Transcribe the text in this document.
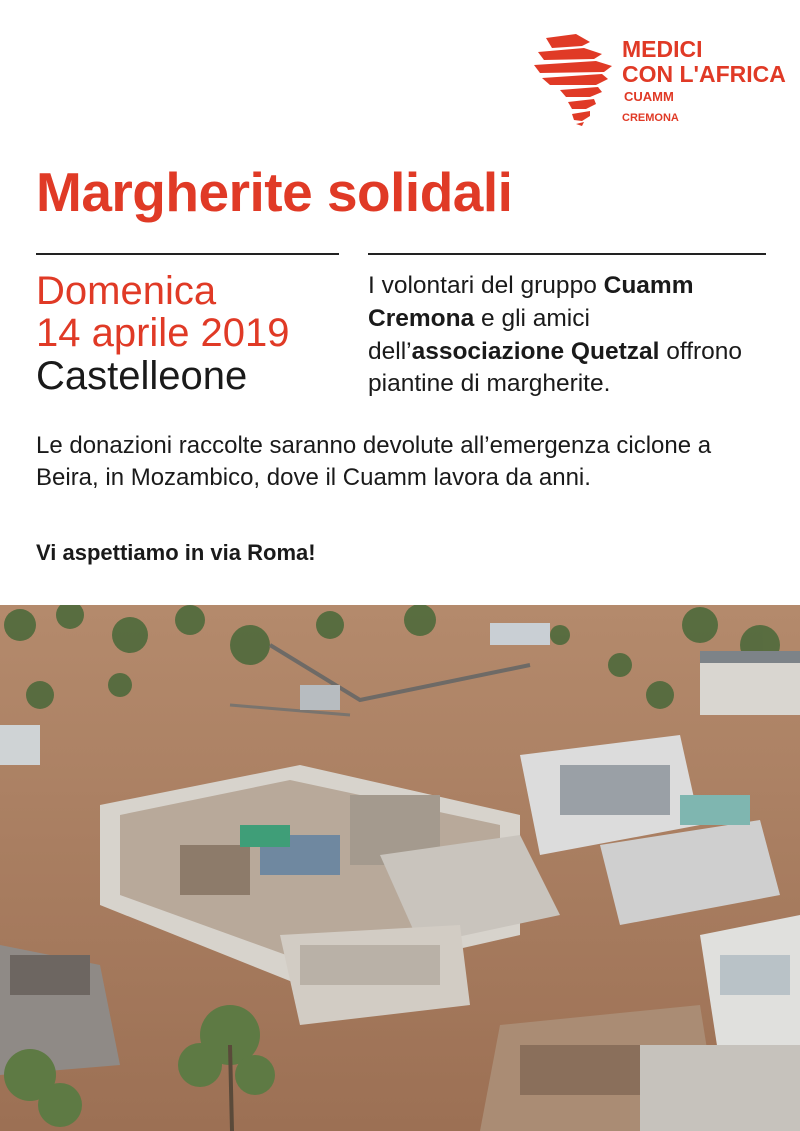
MEDICI
CON L'AFRICA
CUAMM
CREMONA
Margherite solidali
Domenica
14 aprile 2019
Castelleone

I volontari del gruppo Cuamm Cremona e gli amici dell’associazione Quetzal offrono piantine di margherite.

Le donazioni raccolte saranno devolute all’emergenza ciclone a Beira, in Mozambico, dove il Cuamm lavora da anni.

Vi aspettiamo in via Roma!
